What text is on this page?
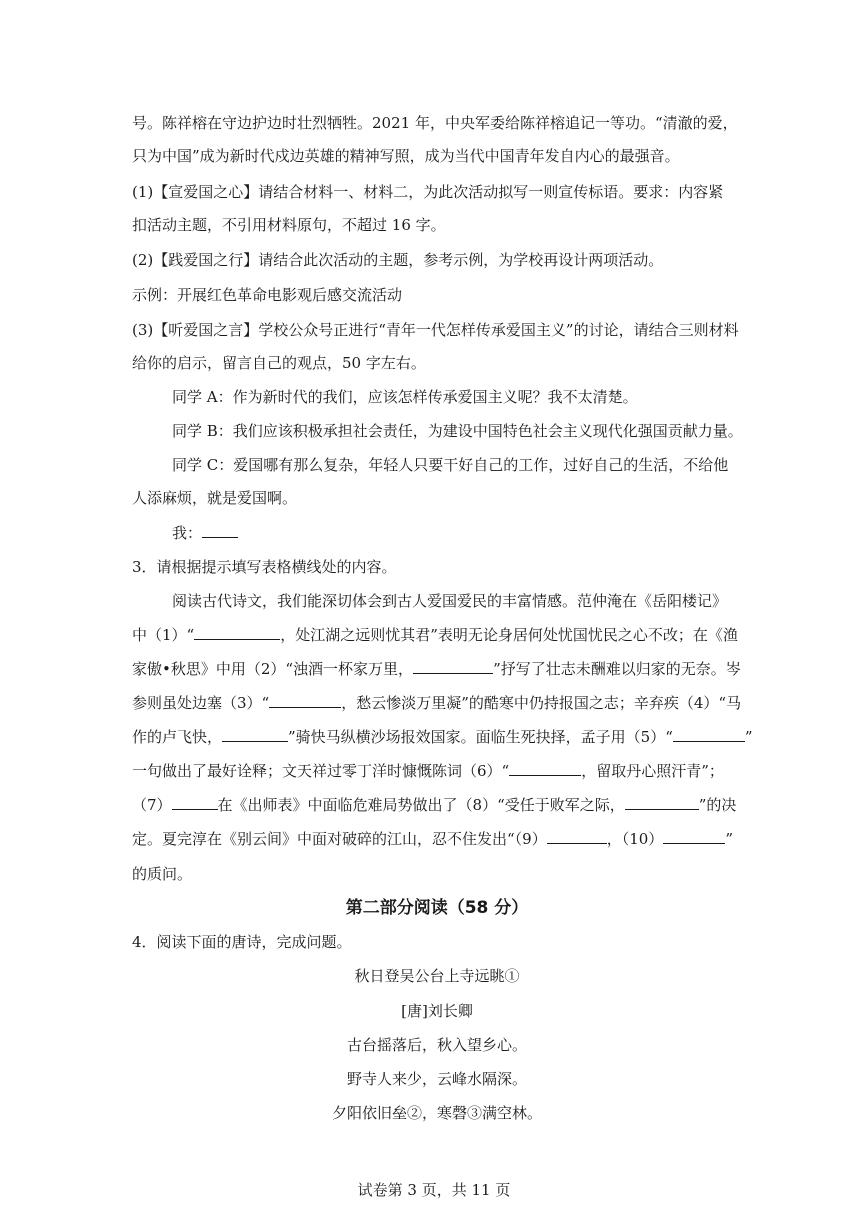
号。陈祥榕在守边护边时壮烈牺牲。2021 年，中央军委给陈祥榕追记一等功。“清澈的爱，
只为中国”成为新时代戍边英雄的精神写照，成为当代中国青年发自内心的最强音。
(1)【宣爱国之心】请结合材料一、材料二，为此次活动拟写一则宣传标语。要求：内容紧
扣活动主题，不引用材料原句，不超过 16 字。
(2)【践爱国之行】请结合此次活动的主题，参考示例，为学校再设计两项活动。
示例：开展红色革命电影观后感交流活动
(3)【听爱国之言】学校公众号正进行“青年一代怎样传承爱国主义”的讨论，请结合三则材料
给你的启示，留言自己的观点，50 字左右。
同学 A：作为新时代的我们，应该怎样传承爱国主义呢？我不太清楚。
同学 B：我们应该积极承担社会责任，为建设中国特色社会主义现代化强国贡献力量。
同学 C：爱国哪有那么复杂，年轻人只要干好自己的工作，过好自己的生活，不给他
人添麻烦，就是爱国啊。
我：
3．请根据提示填写表格横线处的内容。
阅读古代诗文，我们能深切体会到古人爱国爱民的丰富情感。范仲淹在《岳阳楼记》
中（1）“	，处江湖之远则忧其君”表明无论身居何处忧国忧民之心不改；在《渔
家傲•秋思》中用（2）“浊酒一杯家万里，	”抒写了壮志未酬难以归家的无奈。岑
参则虽处边塞（3）“	，愁云惨淡万里凝”的酷寒中仍持报国之志；辛弃疾（4）“马
作的卢飞快，	”骑快马纵横沙场报效国家。面临生死抉择，孟子用（5）“	”
一句做出了最好诠释；文天祥过零丁洋时慷慨陈词（6）“	，留取丹心照汗青”；
（7）	在《出师表》中面临危难局势做出了（8）“受任于败军之际，	”的决
定。夏完淳在《别云间》中面对破碎的江山，忍不住发出“（9）	，（10）	”
的质问。
第二部分阅读（58 分）
4．阅读下面的唐诗，完成问题。
秋日登吴公台上寺远眺①
[唐]刘长卿
古台摇落后，秋入望乡心。
野寺人来少，云峰水隔深。
夕阳依旧垒②，寒磬③满空林。
试卷第 3 页，共 11 页
